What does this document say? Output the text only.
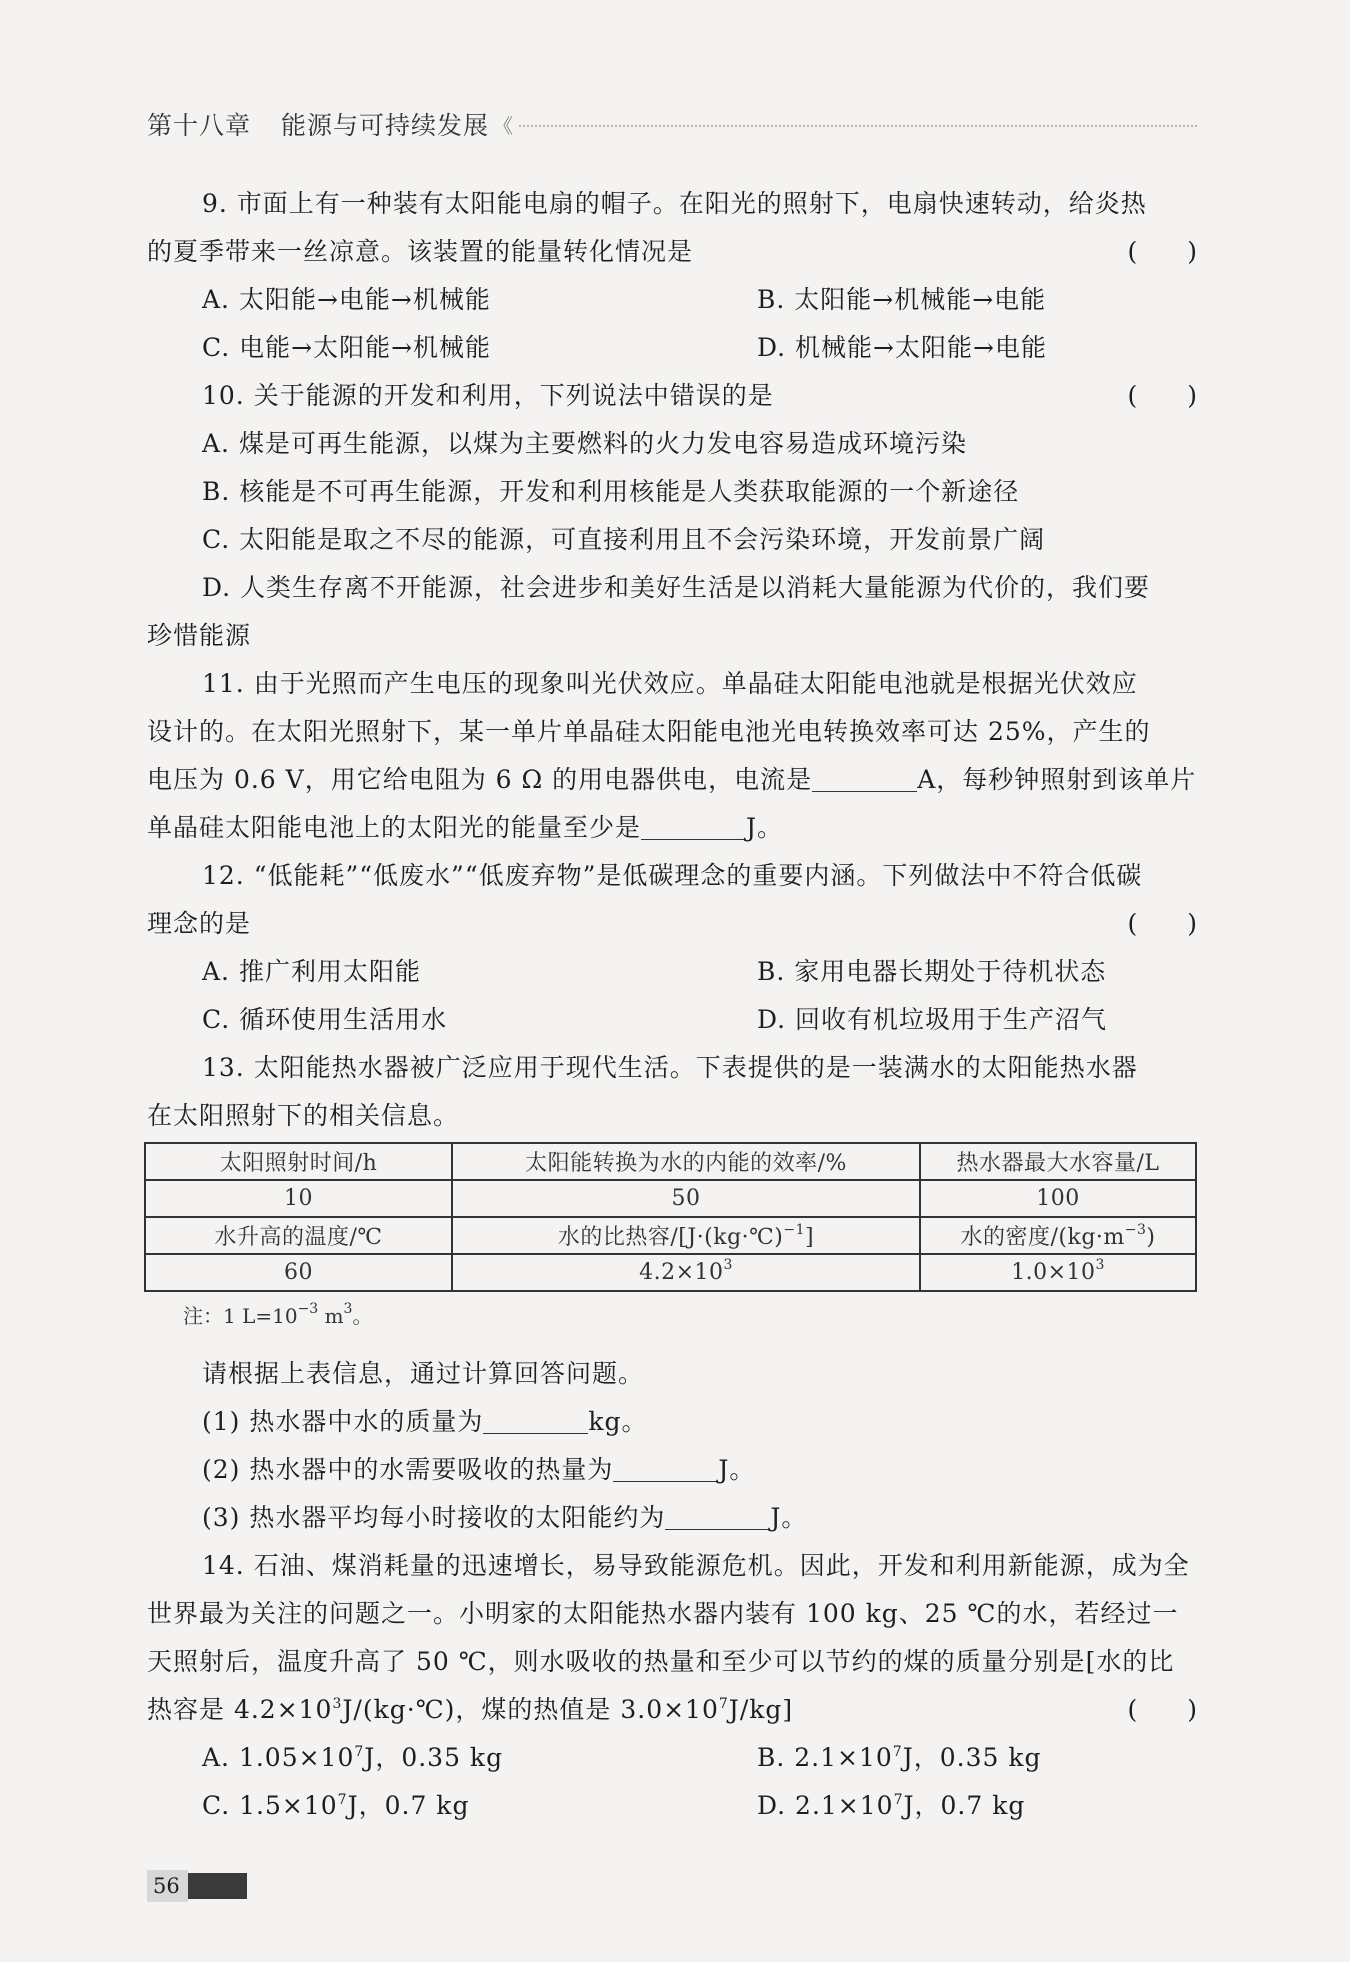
第十八章 能源与可持续发展 《
9. 市面上有一种装有太阳能电扇的帽子。在阳光的照射下，电扇快速转动，给炎热
的夏季带来一丝凉意。该装置的能量转化情况是	(　　)
A. 太阳能→电能→机械能	B. 太阳能→机械能→电能
C. 电能→太阳能→机械能	D. 机械能→太阳能→电能
10. 关于能源的开发和利用，下列说法中错误的是	(　　)
A. 煤是可再生能源，以煤为主要燃料的火力发电容易造成环境污染
B. 核能是不可再生能源，开发和利用核能是人类获取能源的一个新途径
C. 太阳能是取之不尽的能源，可直接利用且不会污染环境，开发前景广阔
D. 人类生存离不开能源，社会进步和美好生活是以消耗大量能源为代价的，我们要
珍惜能源
11. 由于光照而产生电压的现象叫光伏效应。单晶硅太阳能电池就是根据光伏效应
设计的。在太阳光照射下，某一单片单晶硅太阳能电池光电转换效率可达 25%，产生的
电压为 0.6 V，用它给电阻为 6 Ω 的用电器供电，电流是	A，每秒钟照射到该单片
单晶硅太阳能电池上的太阳光的能量至少是	J。
12. “低能耗”“低废水”“低废弃物”是低碳理念的重要内涵。下列做法中不符合低碳
理念的是	(　　)
A. 推广利用太阳能	B. 家用电器长期处于待机状态
C. 循环使用生活用水	D. 回收有机垃圾用于生产沼气
13. 太阳能热水器被广泛应用于现代生活。下表提供的是一装满水的太阳能热水器
在太阳照射下的相关信息。
太阳照射时间/h	太阳能转换为水的内能的效率/%	热水器最大水容量/L
10	50	100
水升高的温度/℃	水的比热容/[J·(kg·℃)$^{-1}$]	水的密度$/(kg\cdot m^{-3})$
60	$4.2\times 10^3$	$1.0\times 10^3$
注：1 $L=10^{-3}$ $m^3$。
请根据上表信息，通过计算回答问题。
(1) 热水器中水的质量为	kg。
(2) 热水器中的水需要吸收的热量为	J。
(3) 热水器平均每小时接收的太阳能约为	J。
14. 石油、煤消耗量的迅速增长，易导致能源危机。因此，开发和利用新能源，成为全
世界最为关注的问题之一。小明家的太阳能热水器内装有 100 kg、25 ℃的水，若经过一
天照射后，温度升高了 50 ℃，则水吸收的热量和至少可以节约的煤的质量分别是[水的比
热容是 $4.2\times 10^3J/(kg\cdot℃)$，煤的热值是 $3.0\times 10^7J/kg$]	(　　)
A. $1.05\times 10^7J$，0.35 kg	B. $2.1\times 10^7J$，0.35 kg
C. $1.5\times 10^7J$，0.7 kg	D. $2.1\times 10^7J$，0.7 kg
56
